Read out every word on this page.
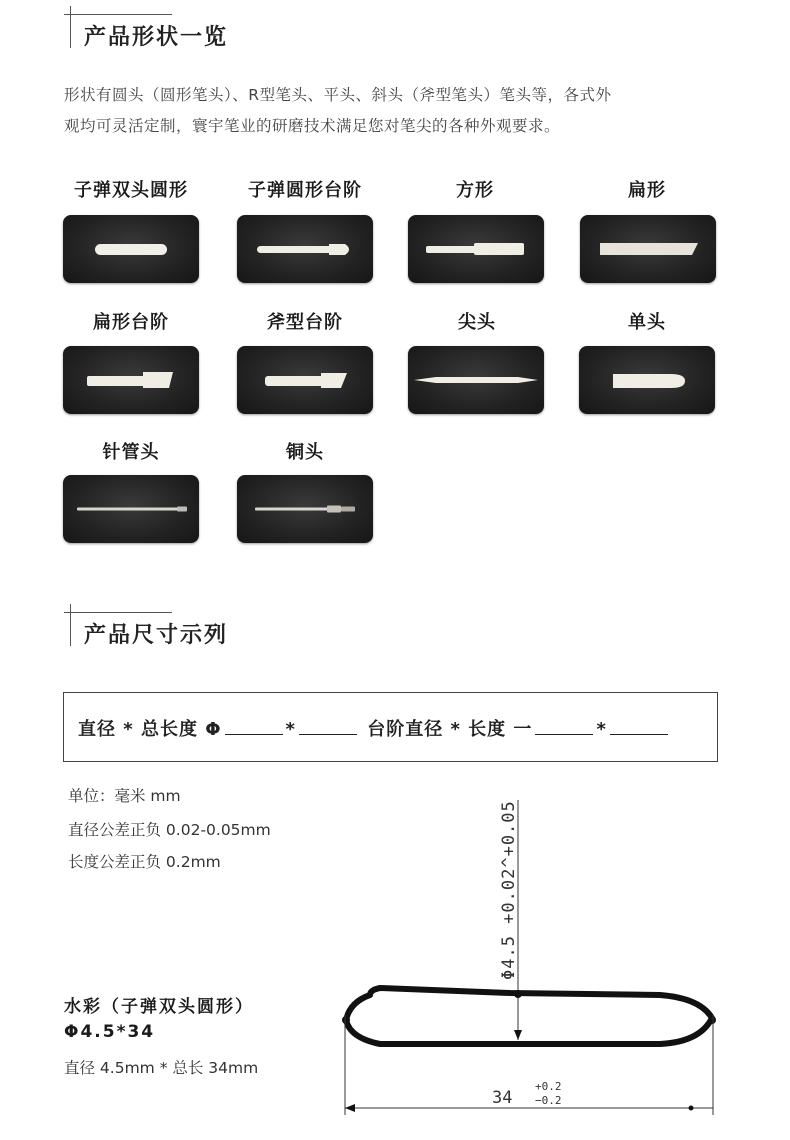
产品形状一览
形状有圆头（圆形笔头）、R型笔头、平头、斜头（斧型笔头）笔头等，各式外
观均可灵活定制，寰宇笔业的研磨技术满足您对笔尖的各种外观要求。
子弹双头圆形	子弹圆形台阶	方形	扁形
扁形台阶	斧型台阶	尖头	单头
针管头	铜头
产品尺寸示列
直径 * 总长度 Φ	*	台阶直径 * 长度 一	*
单位：毫米 mm
直径公差正负 0.02-0.05mm
长度公差正负 0.2mm
水彩（子弹双头圆形）
Φ4.5*34
直径 4.5mm * 总长 34mm
Φ4.5 +0.02^+0.05
34
+0.2
−0.2
